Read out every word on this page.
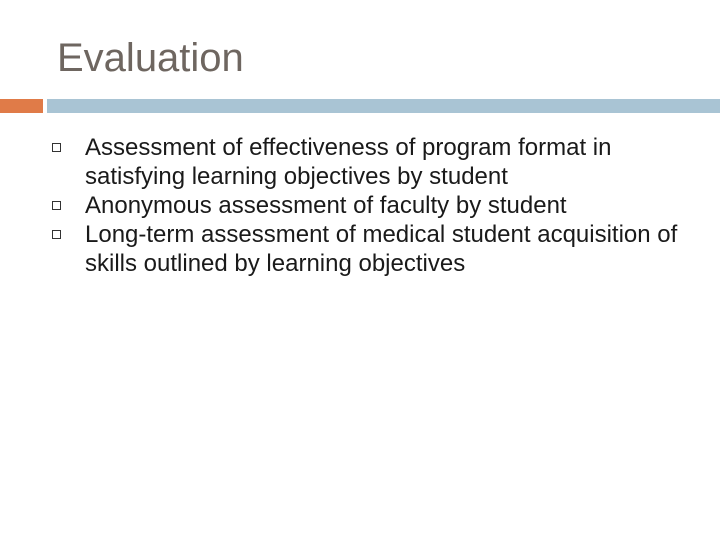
Evaluation
Assessment of effectiveness of program format in satisfying learning objectives by student
Anonymous assessment of faculty by student
Long-term assessment of medical student acquisition of skills outlined by learning objectives
